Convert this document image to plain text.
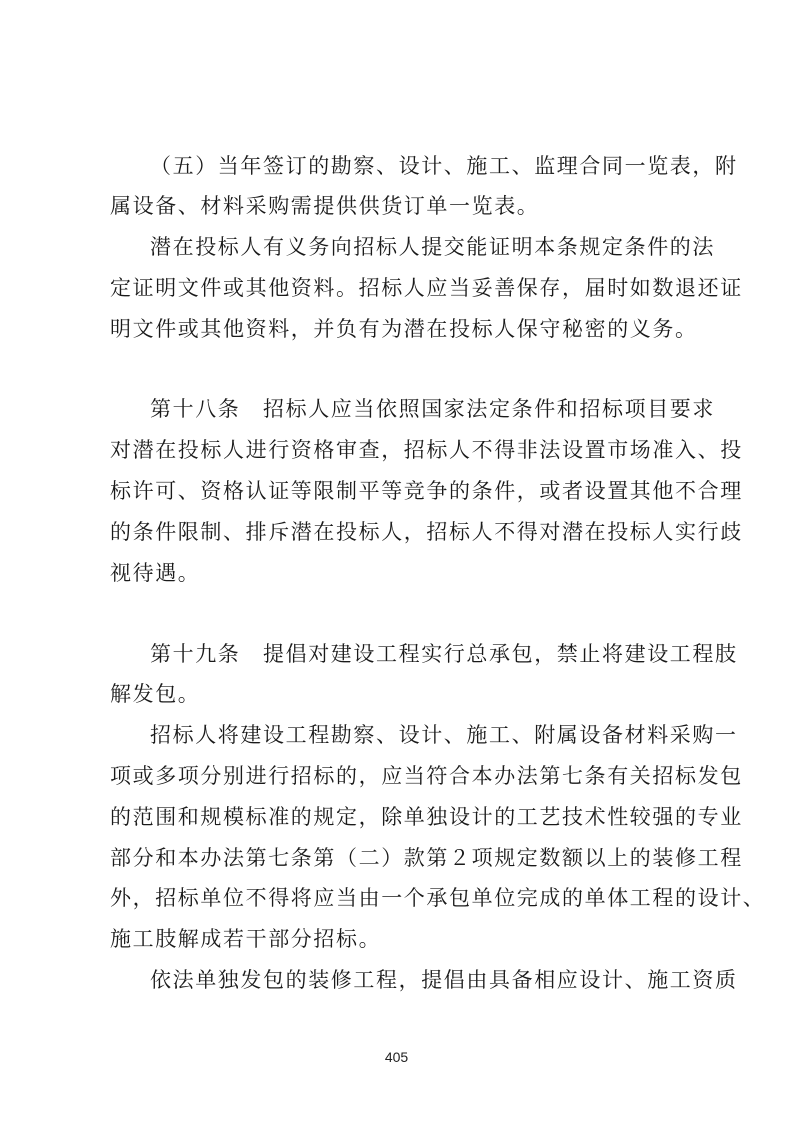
（五）当年签订的勘察、设计、施工、监理合同一览表，附
属设备、材料采购需提供供货订单一览表。
潜在投标人有义务向招标人提交能证明本条规定条件的法
定证明文件或其他资料。招标人应当妥善保存，届时如数退还证
明文件或其他资料，并负有为潜在投标人保守秘密的义务。
第十八条　招标人应当依照国家法定条件和招标项目要求
对潜在投标人进行资格审查，招标人不得非法设置市场准入、投
标许可、资格认证等限制平等竞争的条件，或者设置其他不合理
的条件限制、排斥潜在投标人，招标人不得对潜在投标人实行歧
视待遇。
第十九条　提倡对建设工程实行总承包，禁止将建设工程肢
解发包。
招标人将建设工程勘察、设计、施工、附属设备材料采购一
项或多项分别进行招标的，应当符合本办法第七条有关招标发包
的范围和规模标准的规定，除单独设计的工艺技术性较强的专业
部分和本办法第七条第（二）款第２项规定数额以上的装修工程
外，招标单位不得将应当由一个承包单位完成的单体工程的设计、
施工肢解成若干部分招标。
依法单独发包的装修工程，提倡由具备相应设计、施工资质
405
